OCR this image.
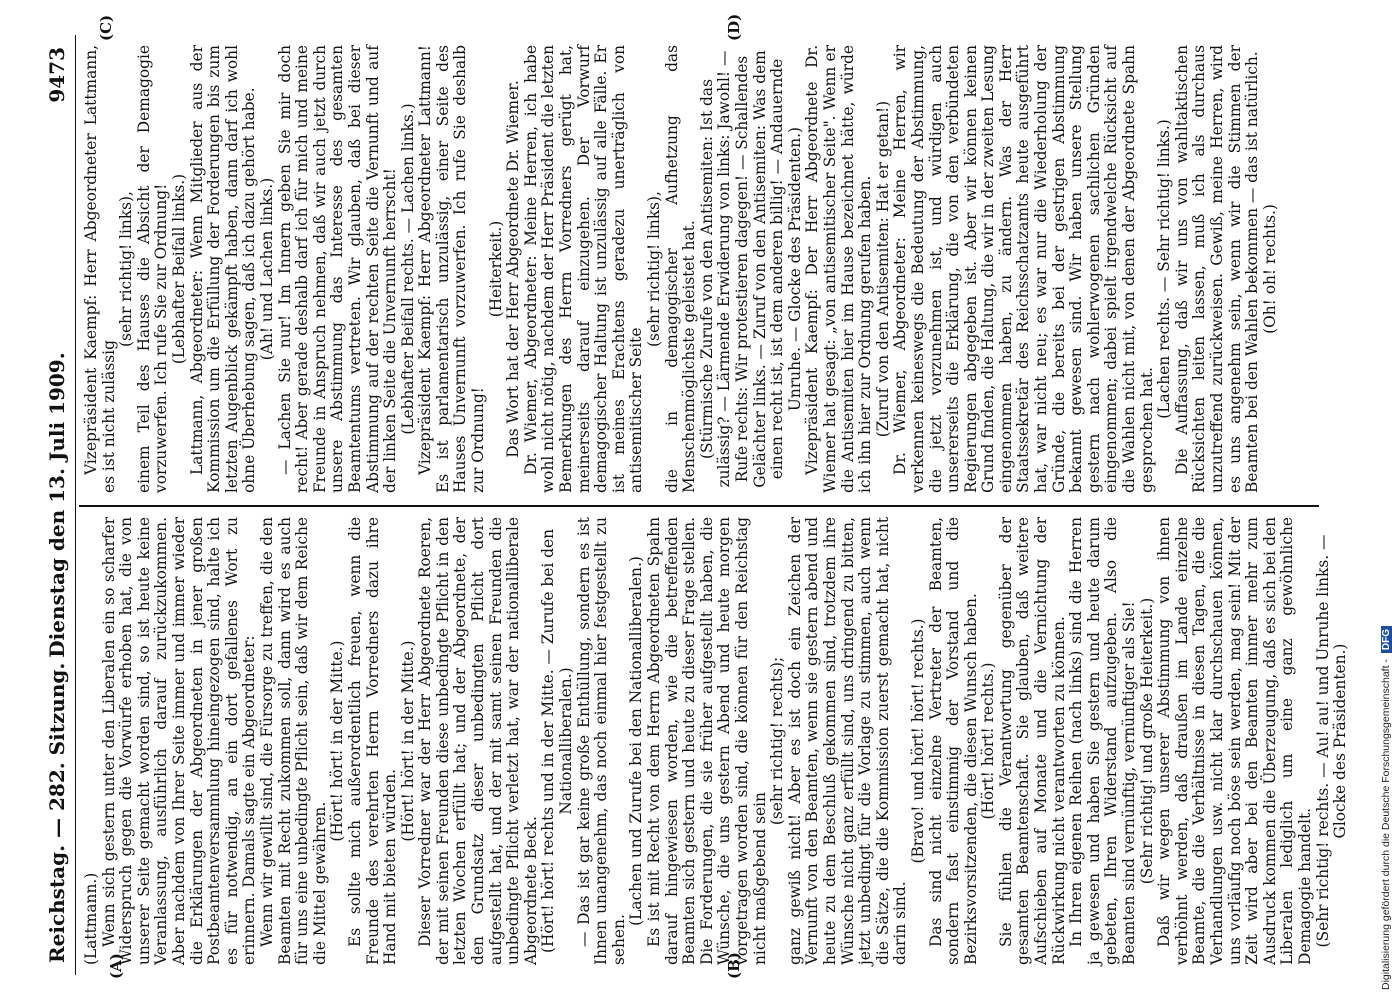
Reichstag. — 282. Sitzung.
Dienstag den 13. Juli 1909.
9473
(A)	(B)
(C)	(D)

(Lattmann.) Wenn sich gestern unter den Liberalen ein so scharfer Widerspruch gegen die Vorwürfe erhoben hat, die von unserer Seite gemacht worden sind, so ist heute keine Veranlassung, ausführlich darauf zurückzukommen. Aber nachdem von Ihrer Seite immer und immer wieder die Erklärungen der Abgeordneten in jener großen Postbeamtenversammlung hineingezogen sind, halte ich es für notwendig, an ein dort gefallenes Wort zu erinnern. Damals sagte ein Abgeordneter: Wenn wir gewillt sind, die Fürsorge zu treffen, die den Beamten mit Recht zukommen soll, dann wird es auch für uns eine unbedingte Pflicht sein, daß wir dem Reiche die Mittel gewähren.

(Hört! hört! in der Mitte.) Es sollte mich außerordentlich freuen, wenn die Freunde des verehrten Herrn Vorredners dazu ihre Hand mit bieten würden.

(Hört! hört! in der Mitte.) Dieser Vorredner war der Herr Abgeordnete Roeren, der mit seinen Freunden diese unbedingte Pflicht in den letzten Wochen erfüllt hat; und der Abgeordnete, der den Grundsatz dieser unbedingten Pflicht dort aufgestellt hat, und der mit samt seinen Freunden die unbedingte Pflicht verletzt hat, war der nationalliberale Abgeordnete Beck. (Hört! hört! rechts und in der Mitte. — Zurufe bei den Nationalliberalen.) — Das ist gar keine große Enthüllung, sondern es ist Ihnen unangenehm, das noch einmal hier festgestellt zu sehen.

(Lachen und Zurufe bei den Nationalliberalen.) Es ist mit Recht von dem Herrn Abgeordneten Spahn darauf hingewiesen worden, wie die betreffenden Beamten sich gestern und heute zu dieser Frage stellen. Die Forderungen, die sie früher aufgestellt haben, die Wünsche, die uns gestern Abend und heute morgen vorgetragen worden sind, die können für den Reichstag nicht maßgebend sein

(sehr richtig! rechts); ganz gewiß nicht! Aber es ist doch ein Zeichen der Vernunft von den Beamten, wenn sie gestern abend und heute zu dem Beschluß gekommen sind, trotzdem ihre Wünsche nicht ganz erfüllt sind, uns dringend zu bitten, jetzt unbedingt für die Vorlage zu stimmen, auch wenn die Sätze, die die Kommission zuerst gemacht hat, nicht darin sind.

(Bravo! und hört! hört! rechts.) Das sind nicht einzelne Vertreter der Beamten, sondern fast einstimmig der Vorstand und die Bezirksvorsitzenden, die diesen Wunsch haben. (Hört! hört! rechts.) Sie fühlen die Verantwortung gegenüber der gesamten Beamtenschaft. Sie glauben, daß weitere Aufschieben auf Monate und die Vernichtung der Rückwirkung nicht verantworten zu können. In Ihren eigenen Reihen (nach links) sind die Herren ja gewesen und haben Sie gestern und heute darum gebeten, Ihren Widerstand aufzugeben. Also die Beamten sind vernünftig, vernünftiger als Sie! (Sehr richtig! und große Heiterkeit.) Daß wir wegen unserer Abstimmung von ihnen verhöhnt werden, daß draußen im Lande einzelne Beamte, die die Verhältnisse in diesen Tagen, die die Verhandlungen usw. nicht klar durchschauen können, uns vorläufig noch böse sein werden, mag sein! Mit der Zeit wird aber bei den Beamten immer mehr zum Ausdruck kommen die Überzeugung, daß es sich bei den Liberalen lediglich um eine ganz gewöhnliche Demagogie handelt. (Sehr richtig! rechts. — Au! au! und Unruhe links. — Glocke des Präsidenten.)

Vizepräsident Kaempf: Herr Abgeordneter Lattmann, es ist nicht zulässig

(sehr richtig! links), einem Teil des Hauses die Absicht der Demagogie vorzuwerfen. Ich rufe Sie zur Ordnung! (Lebhafter Beifall links.) Lattmann, Abgeordneter: Wenn Mitglieder aus der Kommission um die Erfüllung der Forderungen bis zum letzten Augenblick gekämpft haben, dann darf ich wohl ohne Überhebung sagen, daß ich dazu gehört habe. (Ah! und Lachen links.) — Lachen Sie nur! Im Innern geben Sie mir doch recht! Aber gerade deshalb darf ich für mich und meine Freunde in Anspruch nehmen, daß wir auch jetzt durch unsere Abstimmung das Interesse des gesamten Beamtentums vertreten. Wir glauben, daß bei dieser Abstimmung auf der rechten Seite die Vernunft und auf der linken Seite die Unvernunft herrscht! (Lebhafter Beifall rechts. — Lachen links.) Vizepräsident Kaempf: Herr Abgeordneter Lattmann! Es ist parlamentarisch unzulässig, einer Seite des Hauses Unvernunft vorzuwerfen. Ich rufe Sie deshalb zur Ordnung!

(Heiterkeit.) Das Wort hat der Herr Abgeordnete Dr. Wiemer. Dr. Wiemer, Abgeordneter: Meine Herren, ich habe wohl nicht nötig, nachdem der Herr Präsident die letzten Bemerkungen des Herrn Vorredners gerügt hat, meinerseits darauf einzugehen. Der Vorwurf demagogischer Haltung ist unzulässig auf alle Fälle. Er ist meines Erachtens geradezu unerträglich von antisemitischer Seite

(sehr richtig! links), die in demagogischer Aufhetzung das Menschenmöglichste geleistet hat. (Stürmische Zurufe von den Antisemiten: Ist das zulässig? — Lärmende Erwiderung von links: Jawohl! — Rufe rechts: Wir protestieren dagegen! — Schallendes Gelächter links. — Zuruf von den Antisemiten: Was dem einen recht ist, ist dem anderen billig! — Andauernde Unruhe. — Glocke des Präsidenten.) Vizepräsident Kaempf: Der Herr Abgeordnete Dr. Wiemer hat gesagt: „von antisemitischer Seite". Wenn er die Antisemiten hier im Hause bezeichnet hätte, würde ich ihn hier zur Ordnung gerufen haben. (Zuruf von den Antisemiten: Hat er getan!) Dr. Wiemer, Abgeordneter: Meine Herren, wir verkennen keineswegs die Bedeutung der Abstimmung, die jetzt vorzunehmen ist, und würdigen auch unsererseits die Erklärung, die von den verbündeten Regierungen abgegeben ist. Aber wir können keinen Grund finden, die Haltung, die wir in der zweiten Lesung eingenommen haben, zu ändern. Was der Herr Staatssekretär des Reichsschatzamts heute ausgeführt hat, war nicht neu; es war nur die Wiederholung der Gründe, die bereits bei der gestrigen Abstimmung bekannt gewesen sind. Wir haben unsere Stellung gestern nach wohlerwogenen sachlichen Gründen eingenommen; dabei spielt irgendwelche Rücksicht auf die Wahlen nicht mit, von denen der Abgeordnete Spahn gesprochen hat.

(Lachen rechts. — Sehr richtig! links.) Die Auffassung, daß wir uns von wahltaktischen Rücksichten leiten lassen, muß ich als durchaus unzutreffend zurückweisen. Gewiß, meine Herren, wird es uns angenehm sein, wenn wir die Stimmen der Beamten bei den Wahlen bekommen — das ist natürlich. (Oh! oh! rechts.)

Digitalisierung gefördert durch die Deutsche Forschungsgemeinschaft -DFG
